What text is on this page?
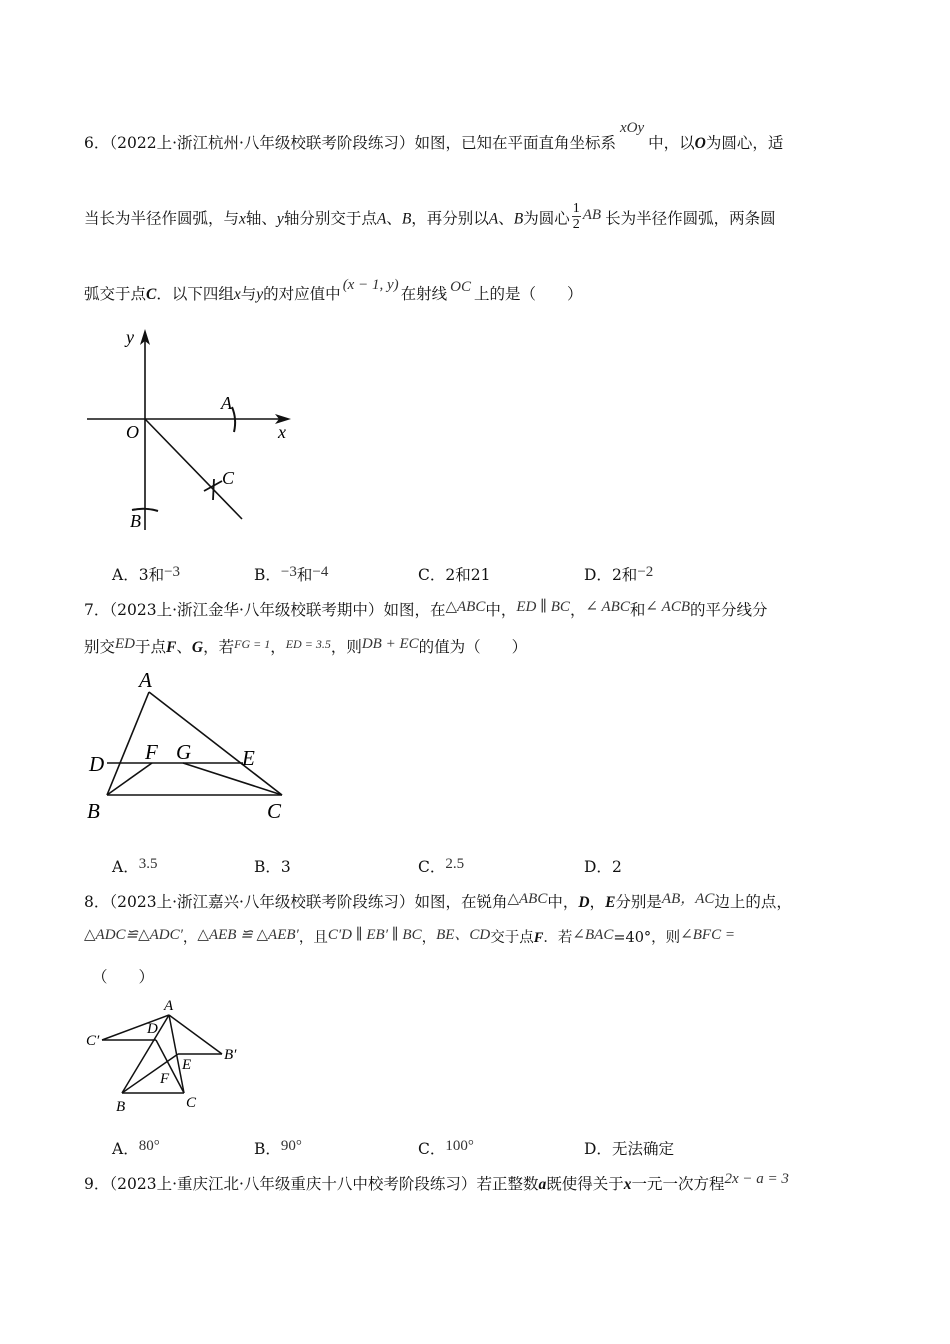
6．（2022上·浙江杭州·八年级校联考阶段练习）如图，已知在平面直角坐标系xOy中，以O为圆心，适
当长为半径作圆弧，与x轴、y轴分别交于点A、B，再分别以A、B为圆心 $\frac{1}{2}$ AB 长为半径作圆弧，两条圆
弧交于点C．以下四组x与y的对应值中 (x − 1, y) 在射线 OC 上的是（　　）
y
x
O
A
B
C
A．3和−3	B．−3和−4	C．2和21	D．2和−2
7．（2023上·浙江金华·八年级校联考期中）如图，在△ABC中，ED ∥ BC，∠ ABC和∠ ACB的平分线分
别交ED于点F、G，若$^{FG = 1}$，$^{ED = 3.5}$，则DB + EC的值为（　　）
A
D F G E
B	C
A．3.5	B．3	C．2.5	D．2
8．（2023上·浙江嘉兴·八年级校联考阶段练习）如图，在锐角△ABC中，D，E分别是AB，AC边上的点，
△ADC≌△ADC′，△AEB ≌ △AEB′，且C′D ∥ EB′ ∥ BC，BE、CD交于点F．若∠BAC=40°，则∠BFC =
（　　）
A
C′
D
B′
E
F
B	C
A．80°	B．90°	C．100°	D．无法确定
9．（2023上·重庆江北·八年级重庆十八中校考阶段练习）若正整数a既使得关于x一元一次方程2x − a = 3
